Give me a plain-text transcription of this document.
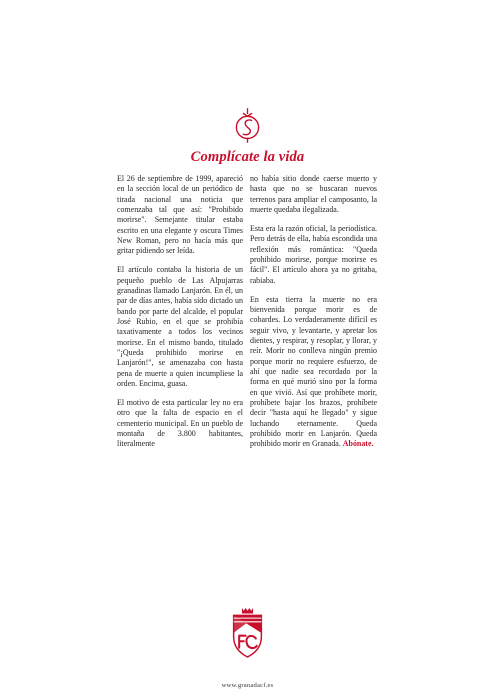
Complícate la vida

El 26 de septiembre de 1999, apareció en la sección local de un periódico de tirada nacional una noticia que comenzaba tal que así: "Prohibido morirse". Semejante titular estaba escrito en una elegante y oscura Times New Roman, pero no hacía más que gritar pidiendo ser leída.

El artículo contaba la historia de un pequeño pueblo de Las Alpujarras granadinas llamado Lanjarón. En él, un par de días antes, había sido dictado un bando por parte del alcalde, el popular José Rubio, en el que se prohibía taxativamente a todos los vecinos morirse. En el mismo bando, titulado "¡Queda prohibido morirse en Lanjarón!", se amenazaba con hasta pena de muerte a quien incumpliese la orden. Encima, guasa.

El motivo de esta particular ley no era otro que la falta de espacio en el cementerio municipal. En un pueblo de montaña de 3.800 habitantes, literalmente

no había sitio donde caerse muerto y hasta que no se buscaran nuevos terrenos para ampliar el camposanto, la muerte quedaba ilegalizada.

Esta era la razón oficial, la periodística. Pero detrás de ella, había escondida una reflexión más romántica: "Queda prohibido morirse, porque morirse es fácil". El artículo ahora ya no gritaba, rabiaba.

En esta tierra la muerte no era bienvenida porque morir es de cobardes. Lo verdaderamente difícil es seguir vivo, y levantarte, y apretar los dientes, y respirar, y resoplar, y llorar, y reír. Morir no conlleva ningún premio porque morir no requiere esfuerzo, de ahí que nadie sea recordado por la forma en qué murió sino por la forma en que vivió. Así que prohíbete morir, prohíbete bajar los brazos, prohíbete decir "hasta aquí he llegado" y sigue luchando eternamente. Queda prohibido morir en Lanjarón. Queda prohibido morir en Granada. Abónate.

www.granadacf.es
